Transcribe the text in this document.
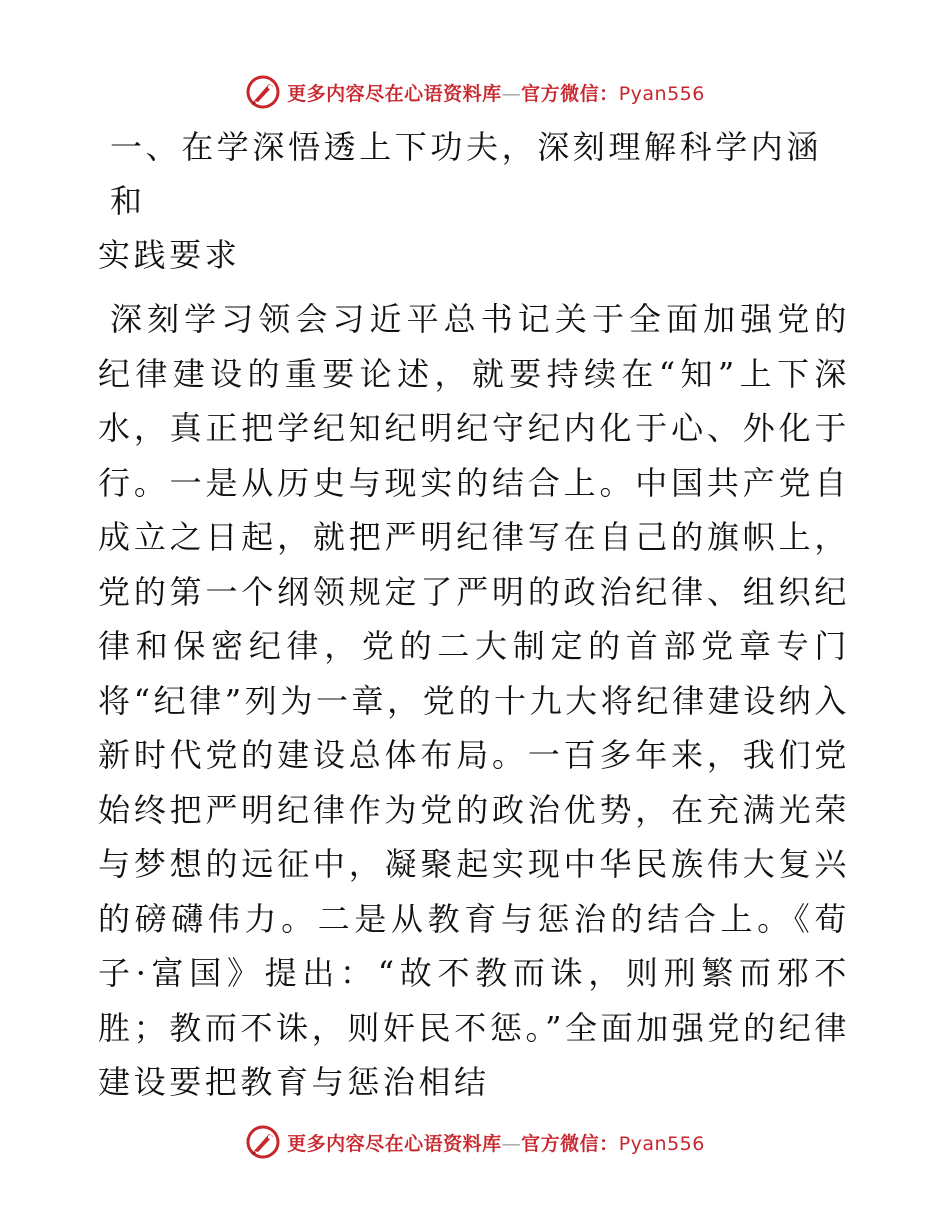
更多内容尽在心语资料库—官方微信：Pyan556
一、在学深悟透上下功夫，深刻理解科学内涵和
实践要求

深刻学习领会习近平总书记关于全面加强党的纪律建设的重要论述，就要持续在“知”上下深水，真正把学纪知纪明纪守纪内化于心、外化于行。一是从历史与现实的结合上。中国共产党自成立之日起，就把严明纪律写在自己的旗帜上，党的第一个纲领规定了严明的政治纪律、组织纪律和保密纪律，党的二大制定的首部党章专门将“纪律”列为一章，党的十九大将纪律建设纳入新时代党的建设总体布局。一百多年来，我们党始终把严明纪律作为党的政治优势，在充满光荣与梦想的远征中，凝聚起实现中华民族伟大复兴的磅礴伟力。二是从教育与惩治的结合上。《荀子·富国》提出：“故不教而诛，则刑繁而邪不胜；教而不诛，则奸民不惩。”全面加强党的纪律建设要把教育与惩治相结

更多内容尽在心语资料库—官方微信：Pyan556
